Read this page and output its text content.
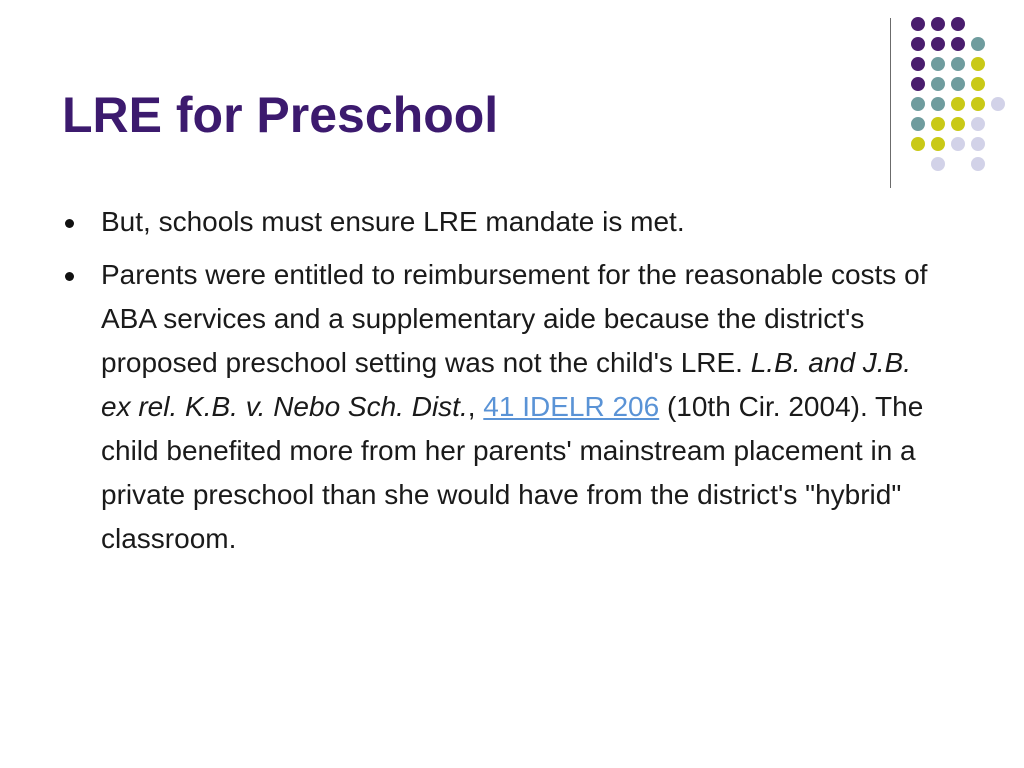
LRE for Preschool
But, schools must ensure LRE mandate is met.
Parents were entitled to reimbursement for the reasonable costs of ABA services and a supplementary aide because the district's proposed preschool setting was not the child's LRE. L.B. and J.B. ex rel. K.B. v. Nebo Sch. Dist., 41 IDELR 206 (10th Cir. 2004). The child benefited more from her parents' mainstream placement in a private preschool than she would have from the district's "hybrid" classroom.
